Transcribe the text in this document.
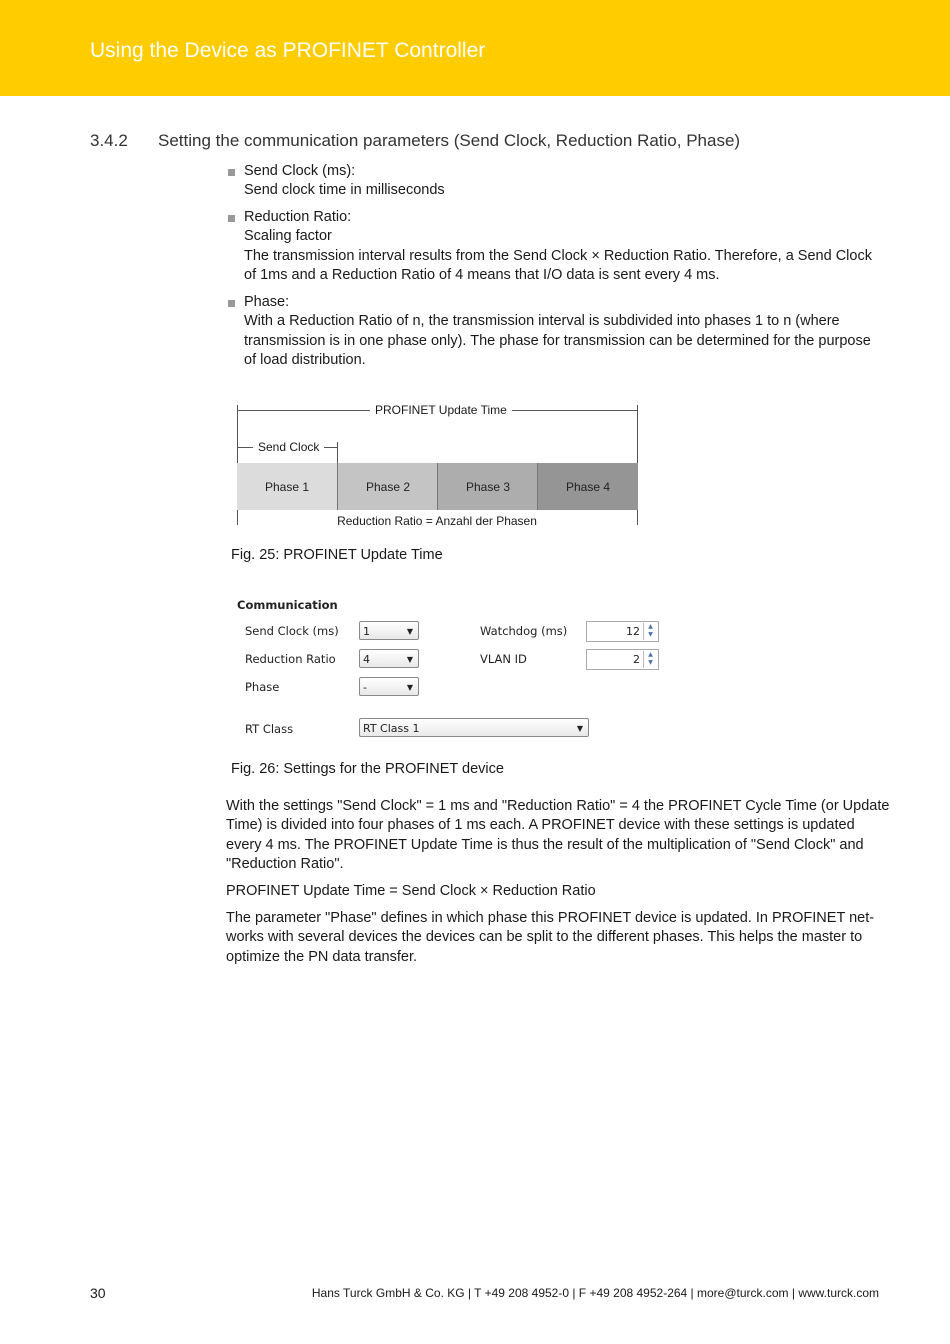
Using the Device as PROFINET Controller
3.4.2 Setting the communication parameters (Send Clock, Reduction Ratio, Phase)
Send Clock (ms):
Send clock time in milliseconds
Reduction Ratio:
Scaling factor
The transmission interval results from the Send Clock × Reduction Ratio. Therefore, a Send Clock
of 1ms and a Reduction Ratio of 4 means that I/O data is sent every 4 ms.
Phase:
With a Reduction Ratio of n, the transmission interval is subdivided into phases 1 to n (where
transmission is in one phase only). The phase for transmission can be determined for the purpose
of load distribution.
PROFINET Update Time
Send Clock
Phase 1	Phase 2	Phase 3	Phase 4
Reduction Ratio = Anzahl der Phasen
Fig. 25: PROFINET Update Time
Communication
Send Clock (ms)	1	▼
Reduction Ratio	4	▼
Phase	-	▼
RT Class	RT Class 1	▼
Watchdog (ms)	12	▲
▼
VLAN ID	2	▲
▼
Fig. 26: Settings for the PROFINET device
With the settings "Send Clock" = 1 ms and "Reduction Ratio" = 4 the PROFINET Cycle Time (or Update
Time) is divided into four phases of 1 ms each. A PROFINET device with these settings is updated
every 4 ms. The PROFINET Update Time is thus the result of the multiplication of "Send Clock" and
"Reduction Ratio".
PROFINET Update Time = Send Clock × Reduction Ratio
The parameter "Phase" defines in which phase this PROFINET device is updated. In PROFINET net-
works with several devices the devices can be split to the different phases. This helps the master to
optimize the PN data transfer.
30	Hans Turck GmbH & Co. KG | T +49 208 4952-0 | F +49 208 4952-264 | more@turck.com | www.turck.com
